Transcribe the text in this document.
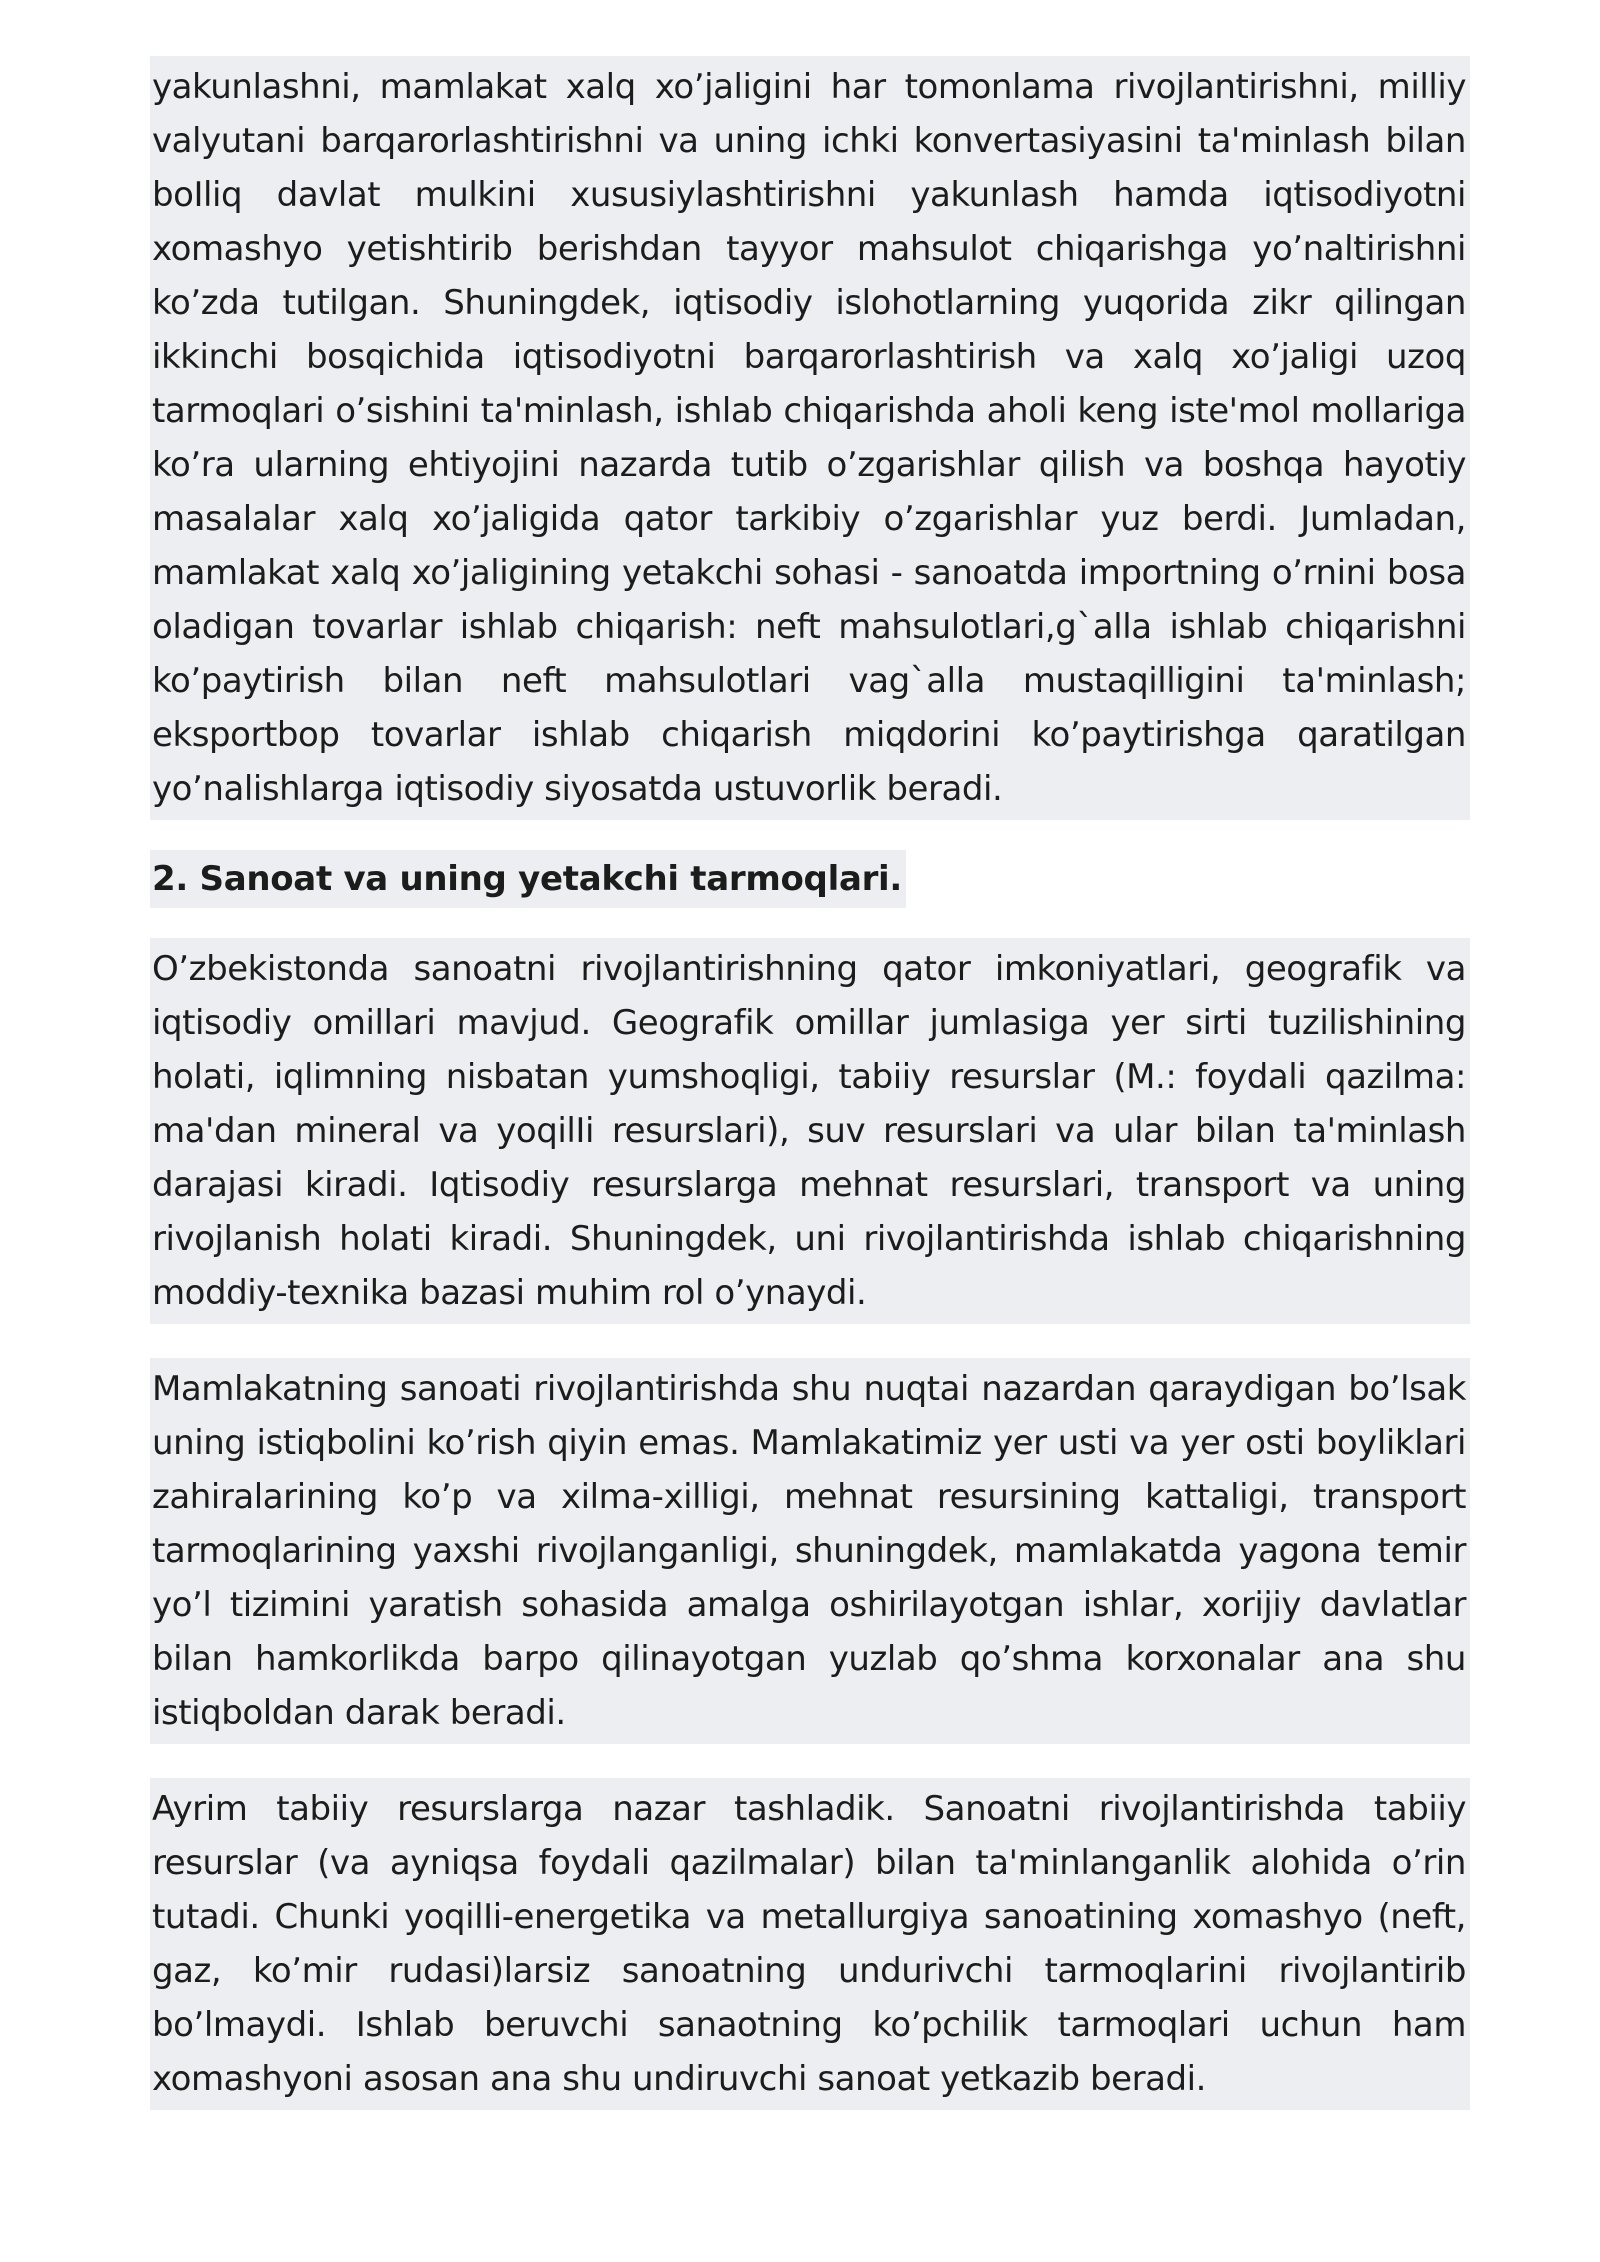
yakunlashni, mamlakat xalq xo’jaligini har tomonlama rivojlantirishni, milliy valyutani barqarorlashtirishni va uning ichki konvertasiyasini ta'minlash bilan boIliq davlat mulkini xususiylashtirishni yakunlash hamda iqtisodiyotni xomashyo yetishtirib berishdan tayyor mahsulot chiqarishga yo’naltirishni ko’zda tutilgan. Shuningdek, iqtisodiy islohotlarning yuqorida zikr qilingan ikkinchi bosqichida iqtisodiyotni barqarorlashtirish va xalq xo’jaligi uzoq tarmoqlari o’sishini ta'minlash, ishlab chiqarishda aholi keng iste'mol mollariga ko’ra ularning ehtiyojini nazarda tutib o’zgarishlar qilish va boshqa hayotiy masalalar xalq xo’jaligida qator tarkibiy o’zgarishlar yuz berdi. Jumladan, mamlakat xalq xo’jaligining yetakchi sohasi - sanoatda importning o’rnini bosa oladigan tovarlar ishlab chiqarish: neft mahsulotlari,g`alla ishlab chiqarishni ko’paytirish bilan neft mahsulotlari vag`alla mustaqilligini ta'minlash; eksportbop tovarlar ishlab chiqarish miqdorini ko’paytirishga qaratilgan yo’nalishlarga iqtisodiy siyosatda ustuvorlik beradi.

2. Sanoat va uning yetakchi tarmoqlari.

O’zbekistonda sanoatni rivojlantirishning qator imkoniyatlari, geografik va iqtisodiy omillari mavjud. Geografik omillar jumlasiga yer sirti tuzilishining holati, iqlimning nisbatan yumshoqligi, tabiiy resurslar (M.: foydali qazilma: ma'dan mineral va yoqilIi resurslari), suv resurslari va ular bilan ta'minlash darajasi kiradi. Iqtisodiy resurslarga mehnat resurslari, transport va uning rivojlanish holati kiradi. Shuningdek, uni rivojlantirishda ishlab chiqarishning moddiy-texnika bazasi muhim rol o’ynaydi.

Mamlakatning sanoati rivojlantirishda shu nuqtai nazardan qaraydigan bo’lsak uning istiqbolini ko’rish qiyin emas. Mamlakatimiz yer usti va yer osti boyliklari zahiralarining ko’p va xilma-xilligi, mehnat resursining kattaligi, transport tarmoqlarining yaxshi rivojlanganligi, shuningdek, mamlakatda yagona temir yo’l tizimini yaratish sohasida amalga oshirilayotgan ishlar, xorijiy davlatlar bilan hamkorlikda barpo qilinayotgan yuzlab qo’shma korxonalar ana shu istiqboldan darak beradi.

Ayrim tabiiy resurslarga nazar tashladik. Sanoatni rivojlantirishda tabiiy resurslar (va ayniqsa foydali qazilmalar) bilan ta'minlanganlik alohida o’rin tutadi. Chunki yoqilIi-energetika va metallurgiya sanoatining xomashyo (neft, gaz, ko’mir rudasi)larsiz sanoatning undurivchi tarmoqlarini rivojlantirib bo’lmaydi. Ishlab beruvchi sanaotning ko’pchilik tarmoqlari uchun ham xomashyoni asosan ana shu undiruvchi sanoat yetkazib beradi.
